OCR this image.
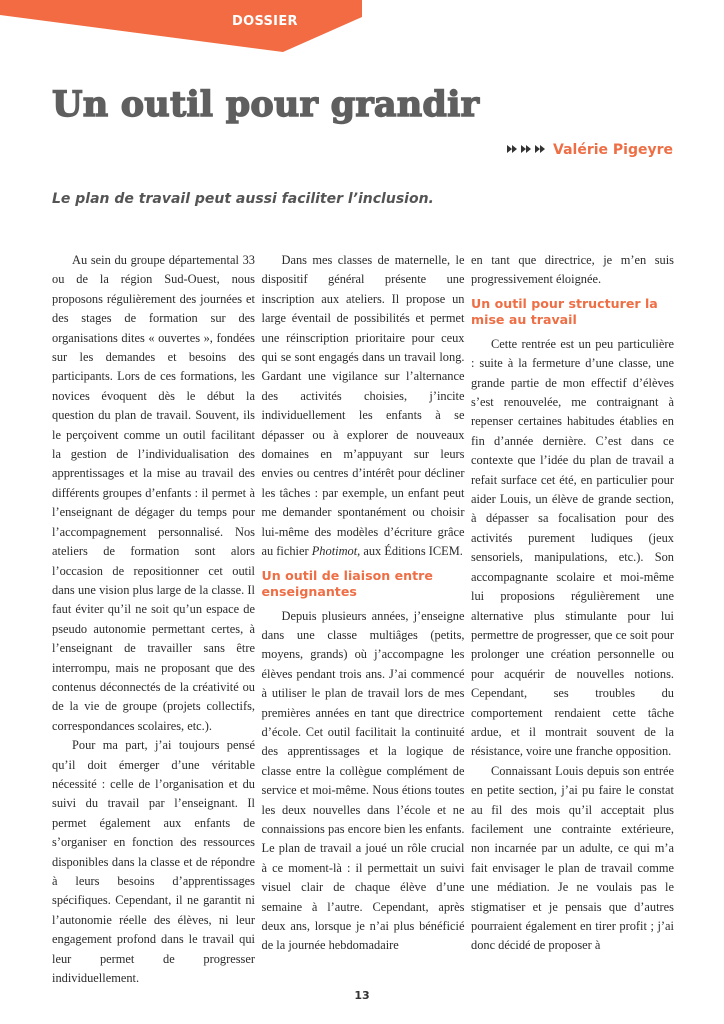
DOSSIER
Un outil pour grandir
Valérie Pigeyre

Le plan de travail peut aussi faciliter l’inclusion.

Au sein du groupe départemental 33 ou de la région Sud-Ouest, nous proposons régulièrement des journées et des stages de formation sur des organisations dites « ouvertes », fondées sur les demandes et besoins des participants. Lors de ces formations, les novices évoquent dès le début la question du plan de travail. Souvent, ils le perçoivent comme un outil facilitant la gestion de l’individualisation des apprentissages et la mise au travail des différents groupes d’enfants : il permet à l’enseignant de dégager du temps pour l’accompagnement personnalisé. Nos ateliers de formation sont alors l’occasion de repositionner cet outil dans une vision plus large de la classe. Il faut éviter qu’il ne soit qu’un espace de pseudo autonomie permettant certes, à l’enseignant de travailler sans être interrompu, mais ne proposant que des contenus déconnectés de la créativité ou de la vie de groupe (projets collectifs, correspondances scolaires, etc.).

Pour ma part, j’ai toujours pensé qu’il doit émerger d’une véritable nécessité : celle de l’organisation et du suivi du travail par l’enseignant. Il permet également aux enfants de s’organiser en fonction des ressources disponibles dans la classe et de répondre à leurs besoins d’apprentissages spécifiques. Cependant, il ne garantit ni l’autonomie réelle des élèves, ni leur engagement profond dans le travail qui leur permet de progresser individuellement.

Dans mes classes de maternelle, le dispositif général présente une inscription aux ateliers. Il propose un large éventail de possibilités et permet une réinscription prioritaire pour ceux qui se sont engagés dans un travail long. Gardant une vigilance sur l’alternance des activités choisies, j’incite individuellement les enfants à se dépasser ou à explorer de nouveaux domaines en m’appuyant sur leurs envies ou centres d’intérêt pour décliner les tâches : par exemple, un enfant peut me demander spontanément ou choisir lui-même des modèles d’écriture grâce au fichier Photimot, aux Éditions ICEM.

Un outil de liaison entre enseignantes

Depuis plusieurs années, j’enseigne dans une classe multiâges (petits, moyens, grands) où j’accompagne les élèves pendant trois ans. J’ai commencé à utiliser le plan de travail lors de mes premières années en tant que directrice d’école. Cet outil facilitait la continuité des apprentissages et la logique de classe entre la collègue complément de service et moi-même. Nous étions toutes les deux nouvelles dans l’école et ne connaissions pas encore bien les enfants. Le plan de travail a joué un rôle crucial à ce moment-là : il permettait un suivi visuel clair de chaque élève d’une semaine à l’autre. Cependant, après deux ans, lorsque je n’ai plus bénéficié de la journée hebdomadaire

en tant que directrice, je m’en suis progressivement éloignée.

Un outil pour structurer la mise au travail

Cette rentrée est un peu particulière : suite à la fermeture d’une classe, une grande partie de mon effectif d’élèves s’est renouvelée, me contraignant à repenser certaines habitudes établies en fin d’année dernière. C’est dans ce contexte que l’idée du plan de travail a refait surface cet été, en particulier pour aider Louis, un élève de grande section, à dépasser sa focalisation pour des activités purement ludiques (jeux sensoriels, manipulations, etc.). Son accompagnante scolaire et moi-même lui proposions régulièrement une alternative plus stimulante pour lui permettre de progresser, que ce soit pour prolonger une création personnelle ou pour acquérir de nouvelles notions. Cependant, ses troubles du comportement rendaient cette tâche ardue, et il montrait souvent de la résistance, voire une franche opposition.

Connaissant Louis depuis son entrée en petite section, j’ai pu faire le constat au fil des mois qu’il acceptait plus facilement une contrainte extérieure, non incarnée par un adulte, ce qui m’a fait envisager le plan de travail comme une médiation. Je ne voulais pas le stigmatiser et je pensais que d’autres pourraient également en tirer profit ; j’ai donc décidé de proposer à

13
